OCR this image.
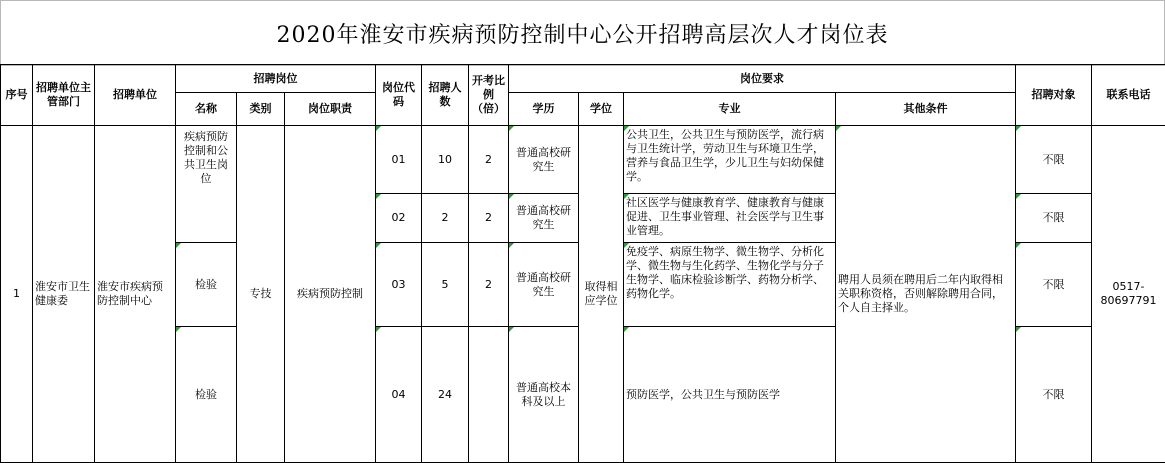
2020年淮安市疾病预防控制中心公开招聘高层次人才岗位表
序号	招聘单位主管部门	招聘单位	招聘岗位			岗位代码	招聘人数	开考比例（倍）	岗位要求				招聘对象	联系电话
			名称	类别	岗位职责				学历	学位	专业	其他条件		
1	淮安市卫生健康委	淮安市疾病预防控制中心	疾病预防控制和公共卫生岗位	专技	疾病预防控制	01	10	2	普通高校研究生	取得相应学位	公共卫生，公共卫生与预防医学，流行病与卫生统计学，劳动卫生与环境卫生学，营养与食品卫生学，少儿卫生与妇幼保健学。	聘用人员须在聘用后二年内取得相关职称资格，否则解除聘用合同，个人自主择业。	不限	0517-80697791
						02	2	2	普通高校研究生		社区医学与健康教育学、健康教育与健康促进、卫生事业管理、社会医学与卫生事业管理。		不限	
			检验			03	5	2	普通高校研究生		免疫学、病原生物学、微生物学、分析化学、微生物与生化药学、生物化学与分子生物学、临床检验诊断学、药物分析学、药物化学。		不限	
			检验			04	24		普通高校本科及以上		预防医学，公共卫生与预防医学		不限	
